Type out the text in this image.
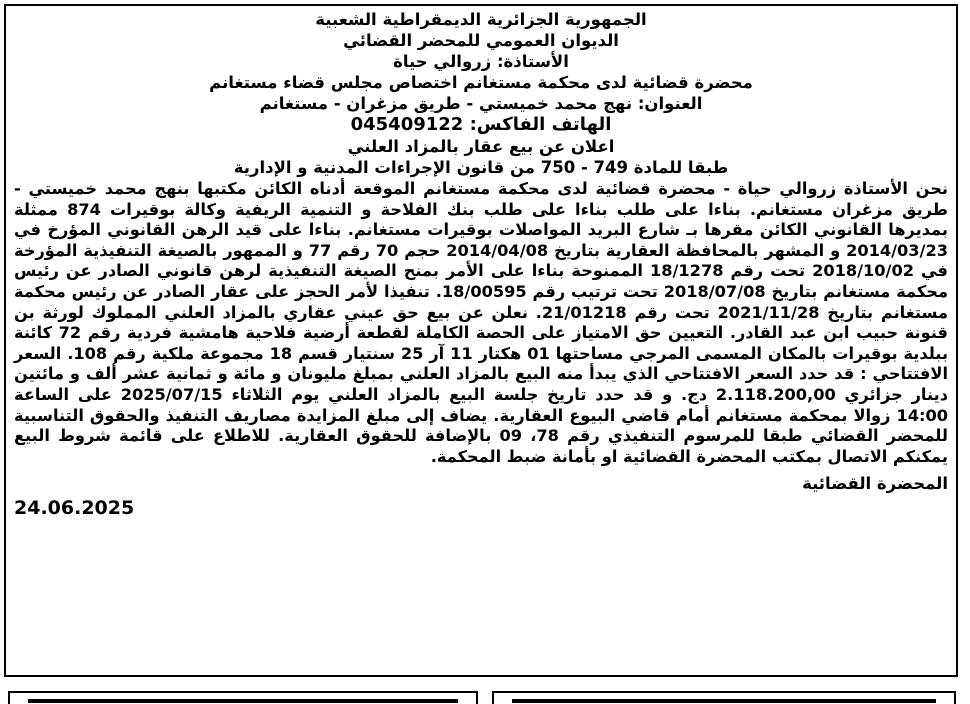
الجمهورية الجزائرية الديمقراطية الشعبية
الديوان العمومي للمحضر القضائي
الأستاذة: زروالي حياة
محضرة قضائية لدى محكمة مستغانم اختصاص مجلس قضاء مستغانم
العنوان: نهج محمد خميستي - طريق مزغران - مستغانم
الهاتف الفاكس: 045409122
اعلان عن بيع عقار بالمزاد العلني
طبقا للمادة 749 - 750 من قانون الإجراءات المدنية و الإدارية
نحن الأستاذة زروالي حياة - محضرة قضائية لدى محكمة مستغانم الموقعة أدناه الكائن مكتبها بنهج محمد خميستي - طريق مزغران مستغانم. بناءا على طلب بناءا على طلب بنك الفلاحة و التنمية الريفية وكالة بوقيرات 874 ممثلة بمديرها القانوني الكائن مقرها بـ شارع البريد المواصلات بوقيرات مستغانم. بناءا على قيد الرهن القانوني المؤرخ في 2014/03/23 و المشهر بالمحافظة العقارية بتاريخ 2014/04/08 حجم 70 رقم 77 و الممهور بالصيغة التنفيذية المؤرخة في 2018/10/02 تحت رقم 18/1278 الممنوحة بناءا على الأمر بمنح الصيغة التنفيذية لرهن قانوني الصادر عن رئيس محكمة مستغانم بتاريخ 2018/07/08 تحت ترتيب رقم 18/00595. تنفيذا لأمر الحجز على عقار الصادر عن رئيس محكمة مستغانم بتاريخ 2021/11/28 تحت رقم 21/01218. نعلن عن بيع حق عيني عقاري بالمزاد العلني المملوك لورثة بن قنونة حبيب ابن عبد القادر. التعيين حق الامتياز على الحصة الكاملة لقطعة أرضية فلاحية هامشية فردية رقم 72 كائنة ببلدية بوقيرات بالمكان المسمى المرجي مساحتها 01 هكتار 11 آر 25 سنتيار قسم 18 مجموعة ملكية رقم 108. السعر الافتتاحي : قد حدد السعر الافتتاحي الذي يبدأ منه البيع بالمزاد العلني بمبلغ مليونان و مائة و ثمانية عشر ألف و مائتين دينار جزائري 2.118.200,00 دج. و قد حدد تاريخ جلسة البيع بالمزاد العلني يوم الثلاثاء 2025/07/15 على الساعة 14:00 زوالا بمحكمة مستغانم أمام قاضي البيوع العقارية. يضاف إلى مبلغ المزايدة مصاريف التنفيذ والحقوق التناسبية للمحضر القضائي طبقا للمرسوم التنفيذي رقم 78، 09 بالإضافة للحقوق العقارية. للاطلاع على قائمة شروط البيع يمكنكم الاتصال بمكتب المحضرة القضائية او بأمانة ضبط المحكمة.
المحضرة القضائية
24.06.2025
